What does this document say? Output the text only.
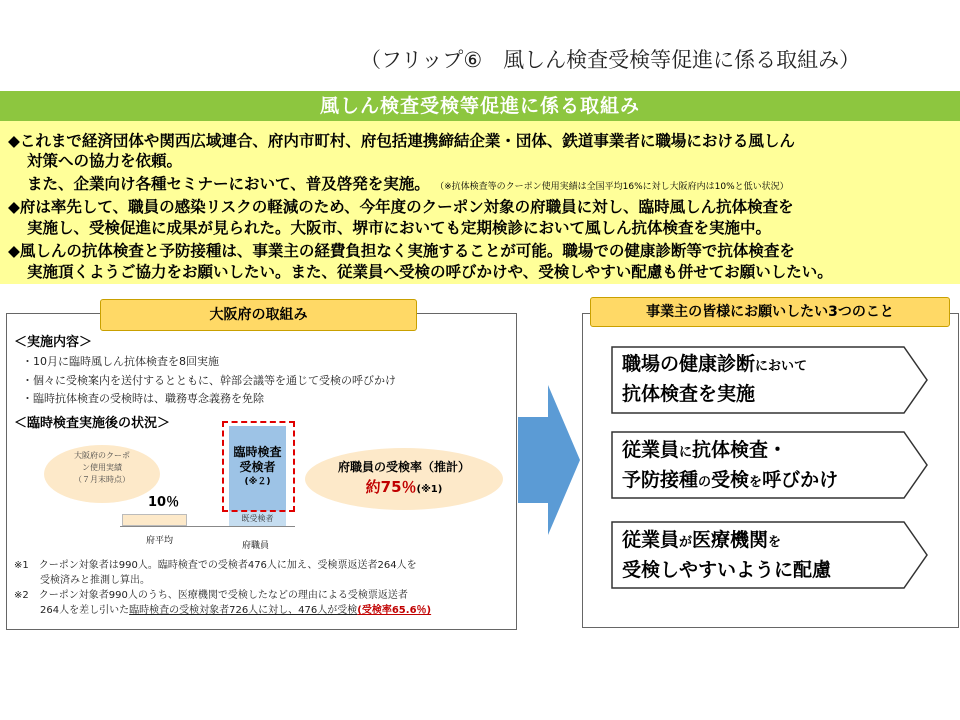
（フリップ⑥　風しん検査受検等促進に係る取組み）
風しん検査受検等促進に係る取組み
◆これまで経済団体や関西広域連合、府内市町村、府包括連携締結企業・団体、鉄道事業者に職場における風しん
対策への協力を依頼。
また、企業向け各種セミナーにおいて、普及啓発を実施。 （※抗体検査等のクーポン使用実績は全国平均16%に対し大阪府内は10%と低い状況）
◆府は率先して、職員の感染リスクの軽減のため、今年度のクーポン対象の府職員に対し、臨時風しん抗体検査を
実施し、受検促進に成果が見られた。大阪市、堺市においても定期検診において風しん抗体検査を実施中。
◆風しんの抗体検査と予防接種は、事業主の経費負担なく実施することが可能。職場での健康診断等で抗体検査を
実施頂くようご協力をお願いしたい。また、従業員へ受検の呼びかけや、受検しやすい配慮も併せてお願いしたい。
大阪府の取組み
＜実施内容＞
・10月に臨時風しん抗体検査を8回実施
・個々に受検案内を送付するとともに、幹部会議等を通じて受検の呼びかけ
・臨時抗体検査の受検時は、職務専念義務を免除
＜臨時検査実施後の状況＞
大阪府のクーポ
ン使用実績
（７月末時点）
10％
府平均
既受検者
臨時検査
受検者
(※２)
府職員
府職員の受検率（推計）
約75％(※1)
※1　クーポン対象者は990人。臨時検査での受検者476人に加え、受検票返送者264人を
受検済みと推測し算出。
※2　クーポン対象者990人のうち、医療機関で受検したなどの理由による受検票返送者
264人を差し引いた臨時検査の受検対象者726人に対し、476人が受検(受検率65.6％)
事業主の皆様にお願いしたい3つのこと
職場の健康診断において
抗体検査を実施
従業員に抗体検査・
予防接種の受検を呼びかけ
従業員が医療機関を
受検しやすいように配慮
